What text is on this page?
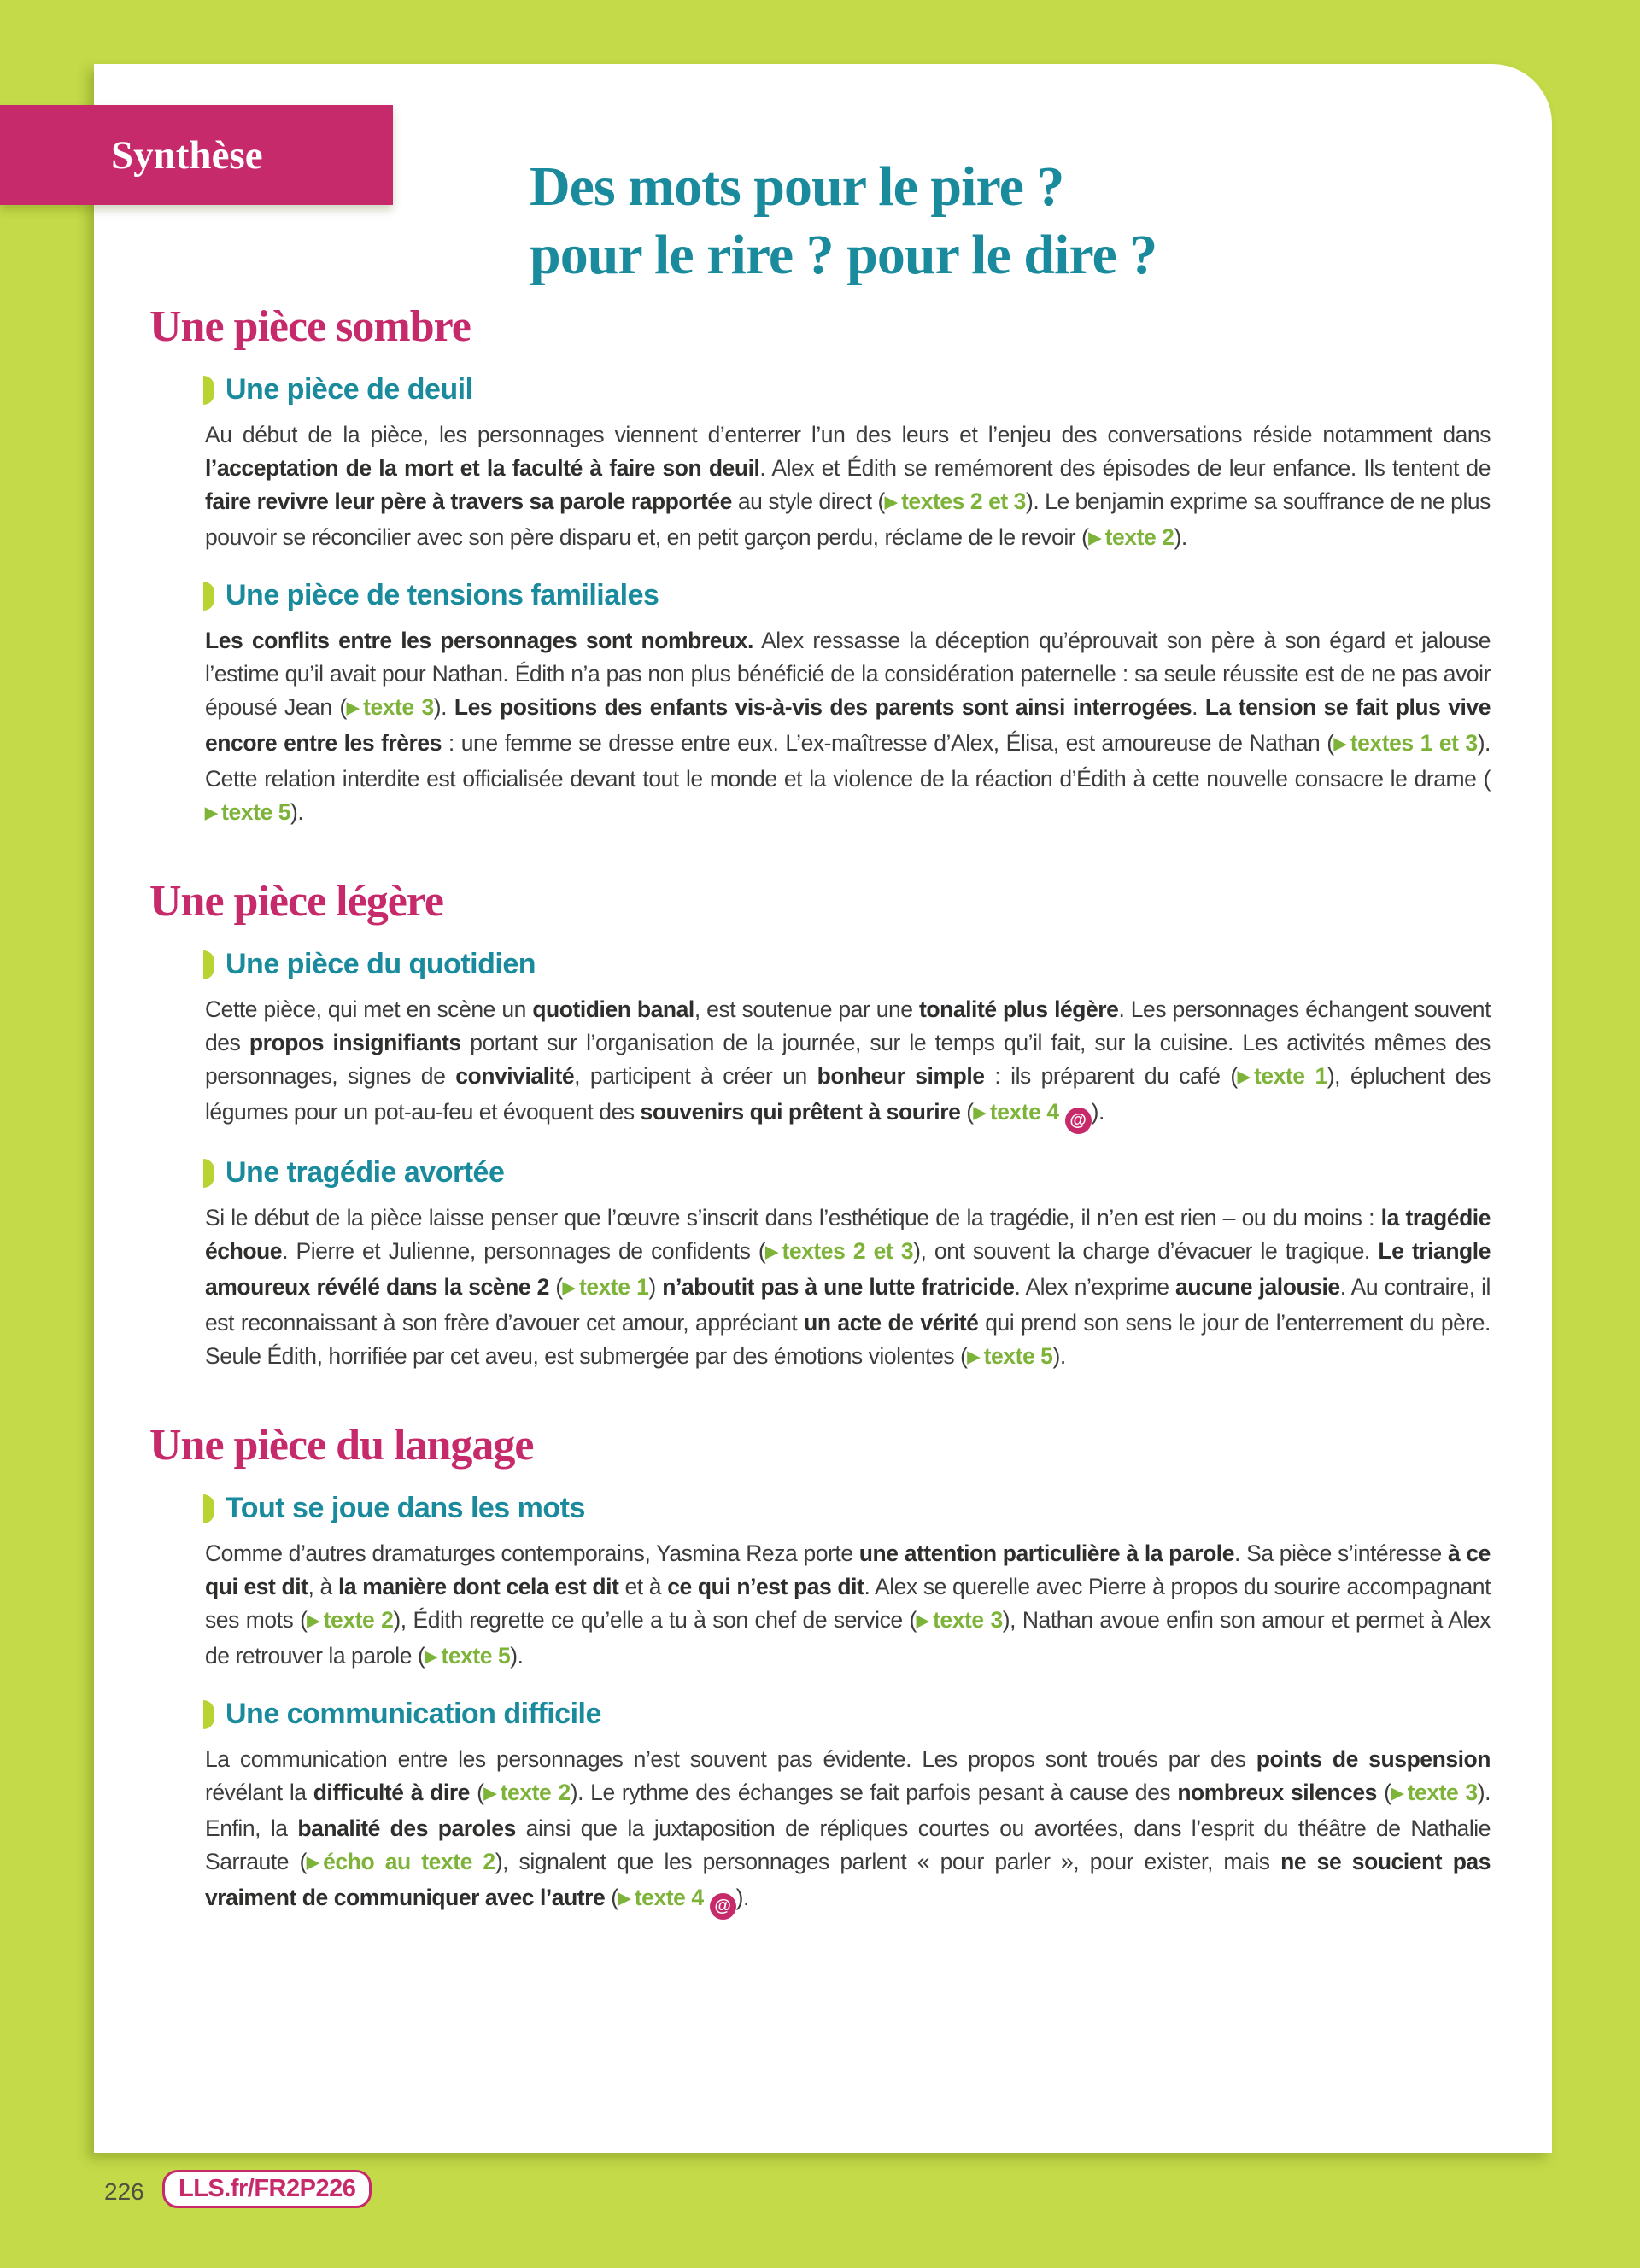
Des mots pour le pire ?
pour le rire ? pour le dire ?
Une pièce sombre
Une pièce de deuil

Au début de la pièce, les personnages viennent d’enterrer l’un des leurs et l’enjeu des conversations réside notamment dans l’acceptation de la mort et la faculté à faire son deuil. Alex et Édith se remémorent des épisodes de leur enfance. Ils tentent de faire revivre leur père à travers sa parole rapportée au style direct (▶ textes 2 et 3). Le benjamin exprime sa souffrance de ne plus pouvoir se réconcilier avec son père disparu et, en petit garçon perdu, réclame de le revoir (▶ texte 2).

Une pièce de tensions familiales

Les conflits entre les personnages sont nombreux. Alex ressasse la déception qu’éprouvait son père à son égard et jalouse l’estime qu’il avait pour Nathan. Édith n’a pas non plus bénéficié de la considération paternelle : sa seule réussite est de ne pas avoir épousé Jean (▶ texte 3). Les positions des enfants vis-à-vis des parents sont ainsi interrogées. La tension se fait plus vive encore entre les frères : une femme se dresse entre eux. L’ex-maîtresse d’Alex, Élisa, est amoureuse de Nathan (▶ textes 1 et 3). Cette relation interdite est officialisée devant tout le monde et la violence de la réaction d’Édith à cette nouvelle consacre le drame (▶ texte 5).

Une pièce légère
Une pièce du quotidien

Cette pièce, qui met en scène un quotidien banal, est soutenue par une tonalité plus légère. Les personnages échangent souvent des propos insignifiants portant sur l’organisation de la journée, sur le temps qu’il fait, sur la cuisine. Les activités mêmes des personnages, signes de convivialité, participent à créer un bonheur simple : ils préparent du café (▶ texte 1), épluchent des légumes pour un pot-au-feu et évoquent des souvenirs qui prêtent à sourire (▶ texte 4 @ ).

Une tragédie avortée

Si le début de la pièce laisse penser que l’œuvre s’inscrit dans l’esthétique de la tragédie, il n’en est rien – ou du moins : la tragédie échoue. Pierre et Julienne, personnages de confidents (▶ textes 2 et 3), ont souvent la charge d’évacuer le tragique. Le triangle amoureux révélé dans la scène 2 (▶ texte 1) n’aboutit pas à une lutte fratricide. Alex n’exprime aucune jalousie. Au contraire, il est reconnaissant à son frère d’avouer cet amour, appréciant un acte de vérité qui prend son sens le jour de l’enterrement du père. Seule Édith, horrifiée par cet aveu, est submergée par des émotions violentes (▶ texte 5).

Une pièce du langage
Tout se joue dans les mots

Comme d’autres dramaturges contemporains, Yasmina Reza porte une attention particulière à la parole. Sa pièce s’intéresse à ce qui est dit, à la manière dont cela est dit et à ce qui n’est pas dit. Alex se querelle avec Pierre à propos du sourire accompagnant ses mots (▶ texte 2), Édith regrette ce qu’elle a tu à son chef de service (▶ texte 3), Nathan avoue enfin son amour et permet à Alex de retrouver la parole (▶ texte 5).

Une communication difficile

La communication entre les personnages n’est souvent pas évidente. Les propos sont troués par des points de suspension révélant la difficulté à dire (▶ texte 2). Le rythme des échanges se fait parfois pesant à cause des nombreux silences (▶ texte 3). Enfin, la banalité des paroles ainsi que la juxtaposition de répliques courtes ou avortées, dans l’esprit du théâtre de Nathalie Sarraute (▶ écho au texte 2), signalent que les personnages parlent « pour parler », pour exister, mais ne se soucient pas vraiment de communiquer avec l’autre (▶ texte 4 @ ).

Synthèse
226	LLS.fr/FR2P226
